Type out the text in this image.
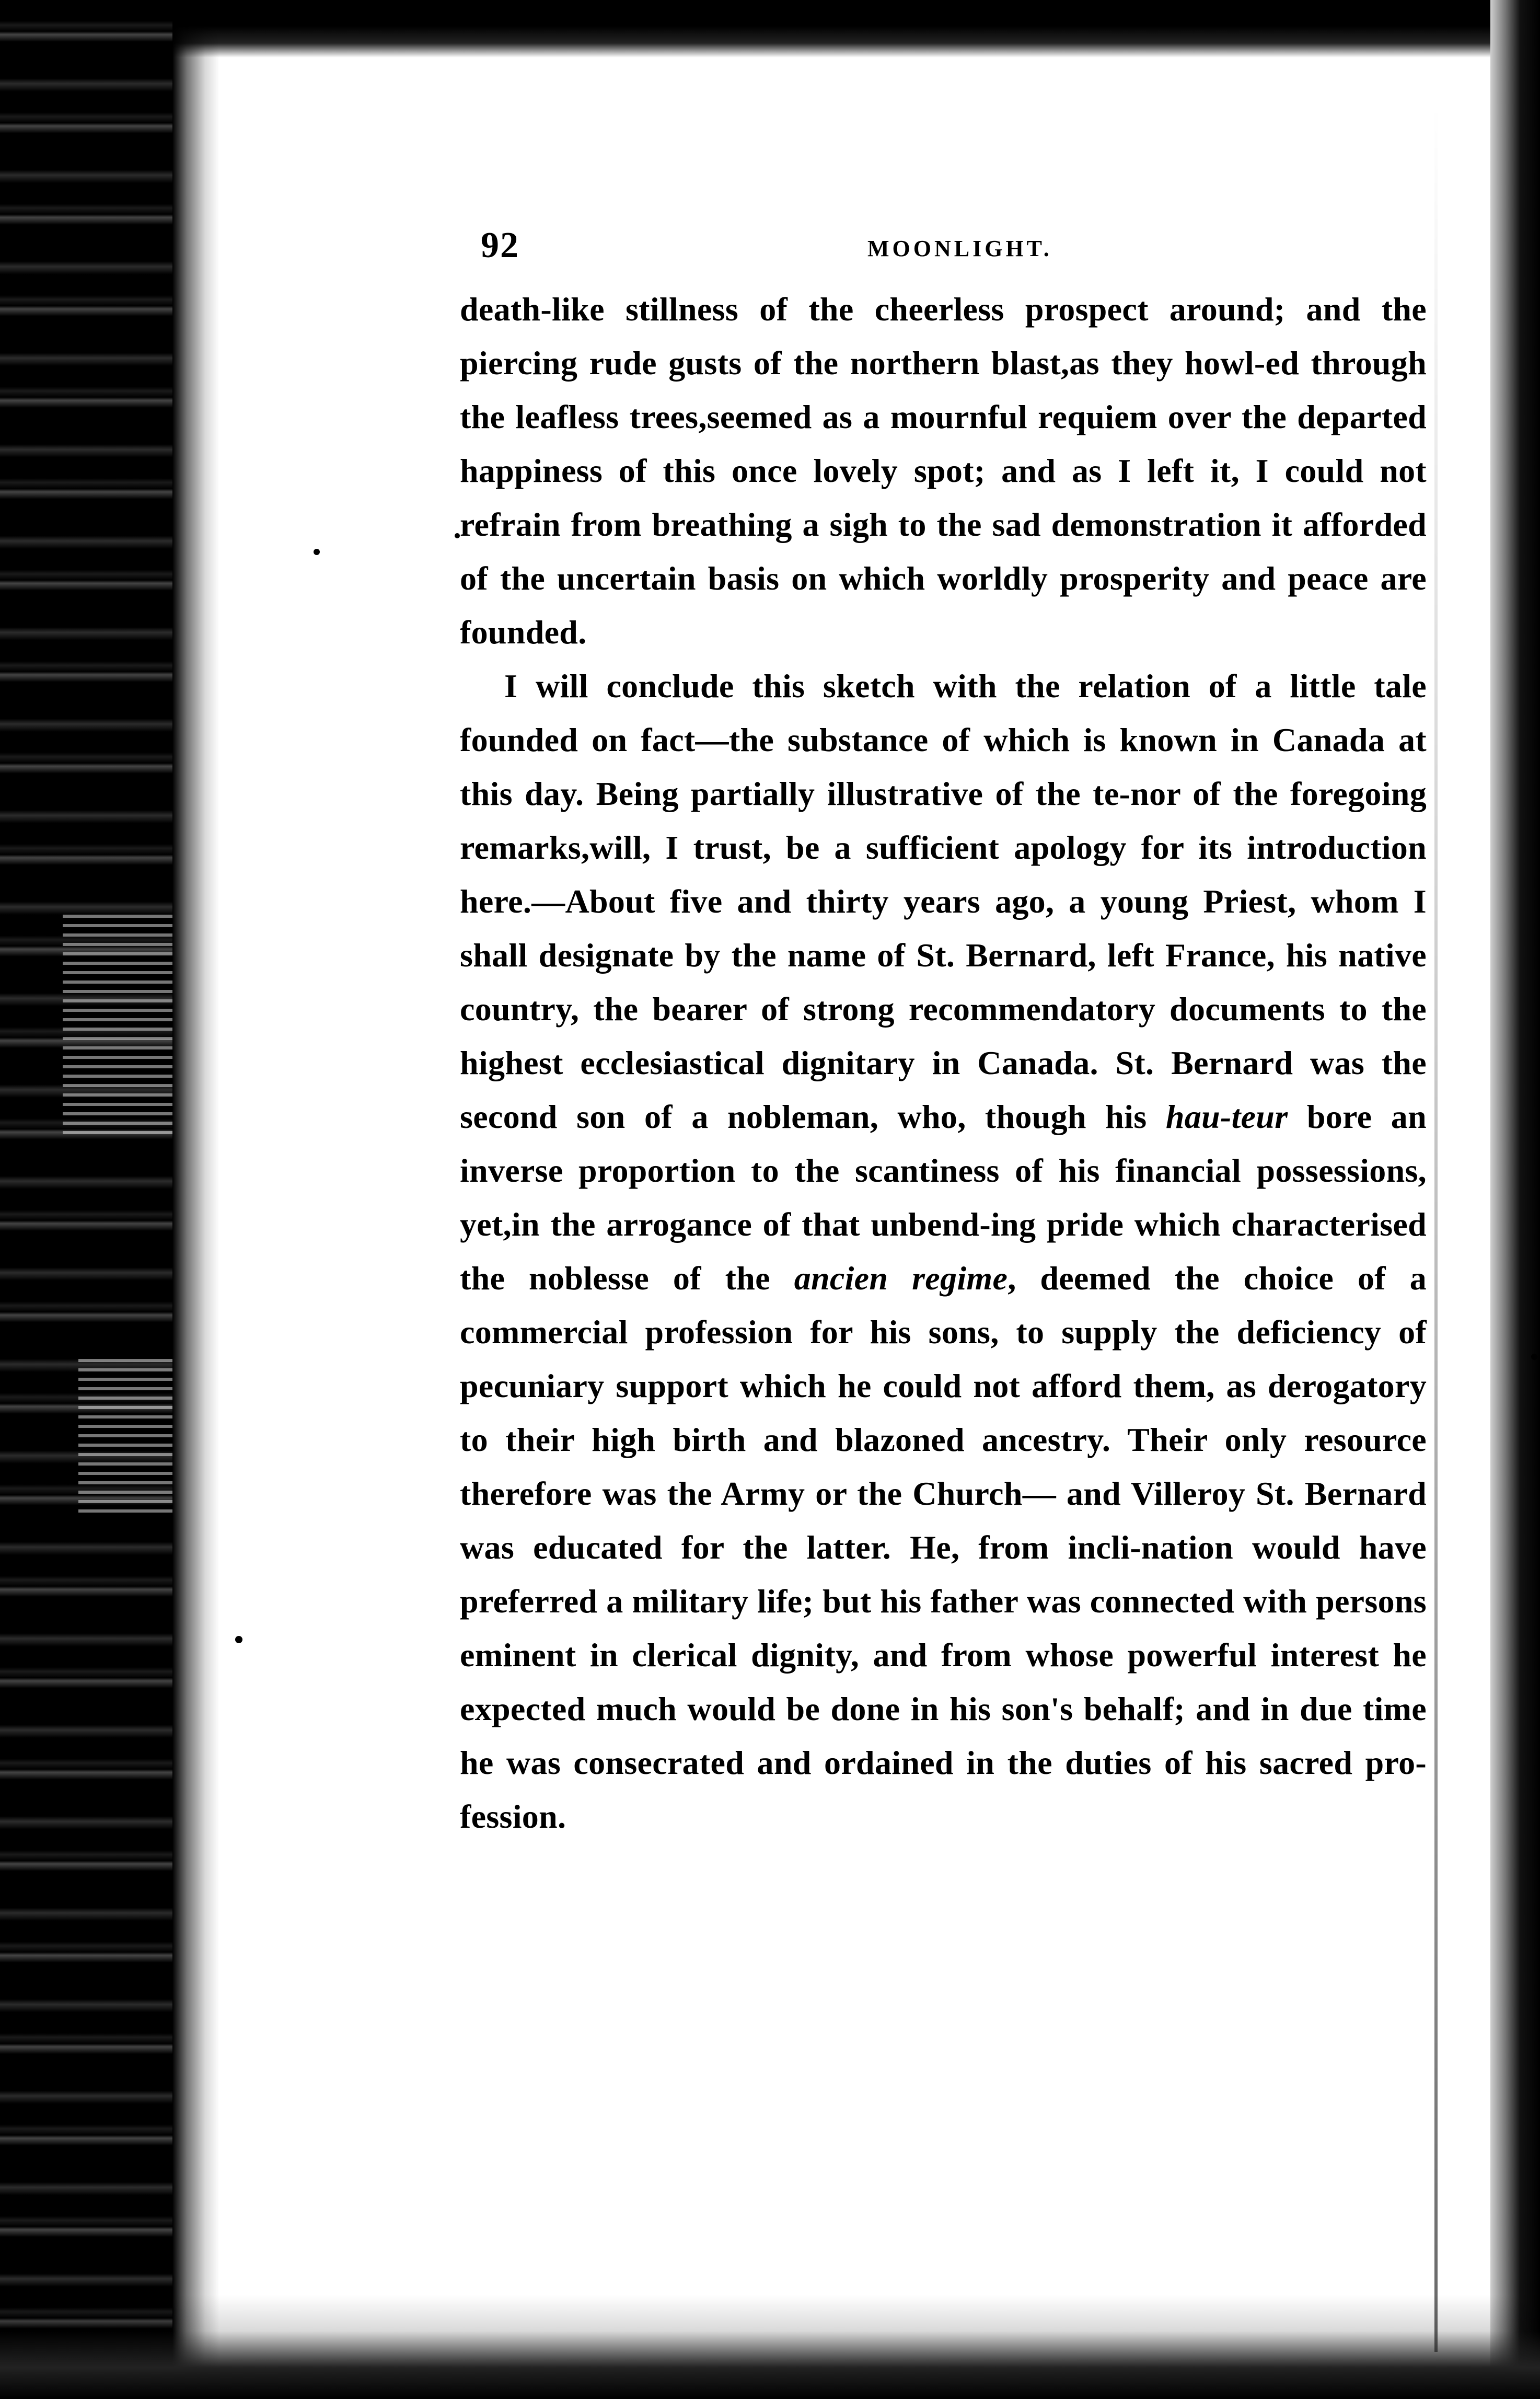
92	MOONLIGHT.

death-like stillness of the cheerless prospect around; and the piercing rude gusts of the northern blast,as they howl-ed through the leafless trees,seemed as a mournful requiem over the departed happiness of this once lovely spot; and as I left it, I could not refrain from breathing a sigh to the sad demonstration it afforded of the uncertain basis on which worldly prosperity and peace are founded.

I will conclude this sketch with the relation of a little tale founded on fact—the substance of which is known in Canada at this day. Being partially illustrative of the te-nor of the foregoing remarks,will, I trust, be a sufficient apology for its introduction here.—About five and thirty years ago, a young Priest, whom I shall designate by the name of St. Bernard, left France, his native country, the bearer of strong recommendatory documents to the highest ecclesiastical dignitary in Canada. St. Bernard was the second son of a nobleman, who, though his hau-teur bore an inverse proportion to the scantiness of his financial possessions, yet,in the arrogance of that unbend-ing pride which characterised the noblesse of the ancien regime, deemed the choice of a commercial profession for his sons, to supply the deficiency of pecuniary support which he could not afford them, as derogatory to their high birth and blazoned ancestry. Their only resource therefore was the Army or the Church— and Villeroy St. Bernard was educated for the latter. He, from incli-nation would have preferred a military life; but his father was connected with persons eminent in clerical dignity, and from whose powerful interest he expected much would be done in his son's behalf; and in due time he was consecrated and ordained in the duties of his sacred pro-fession.
